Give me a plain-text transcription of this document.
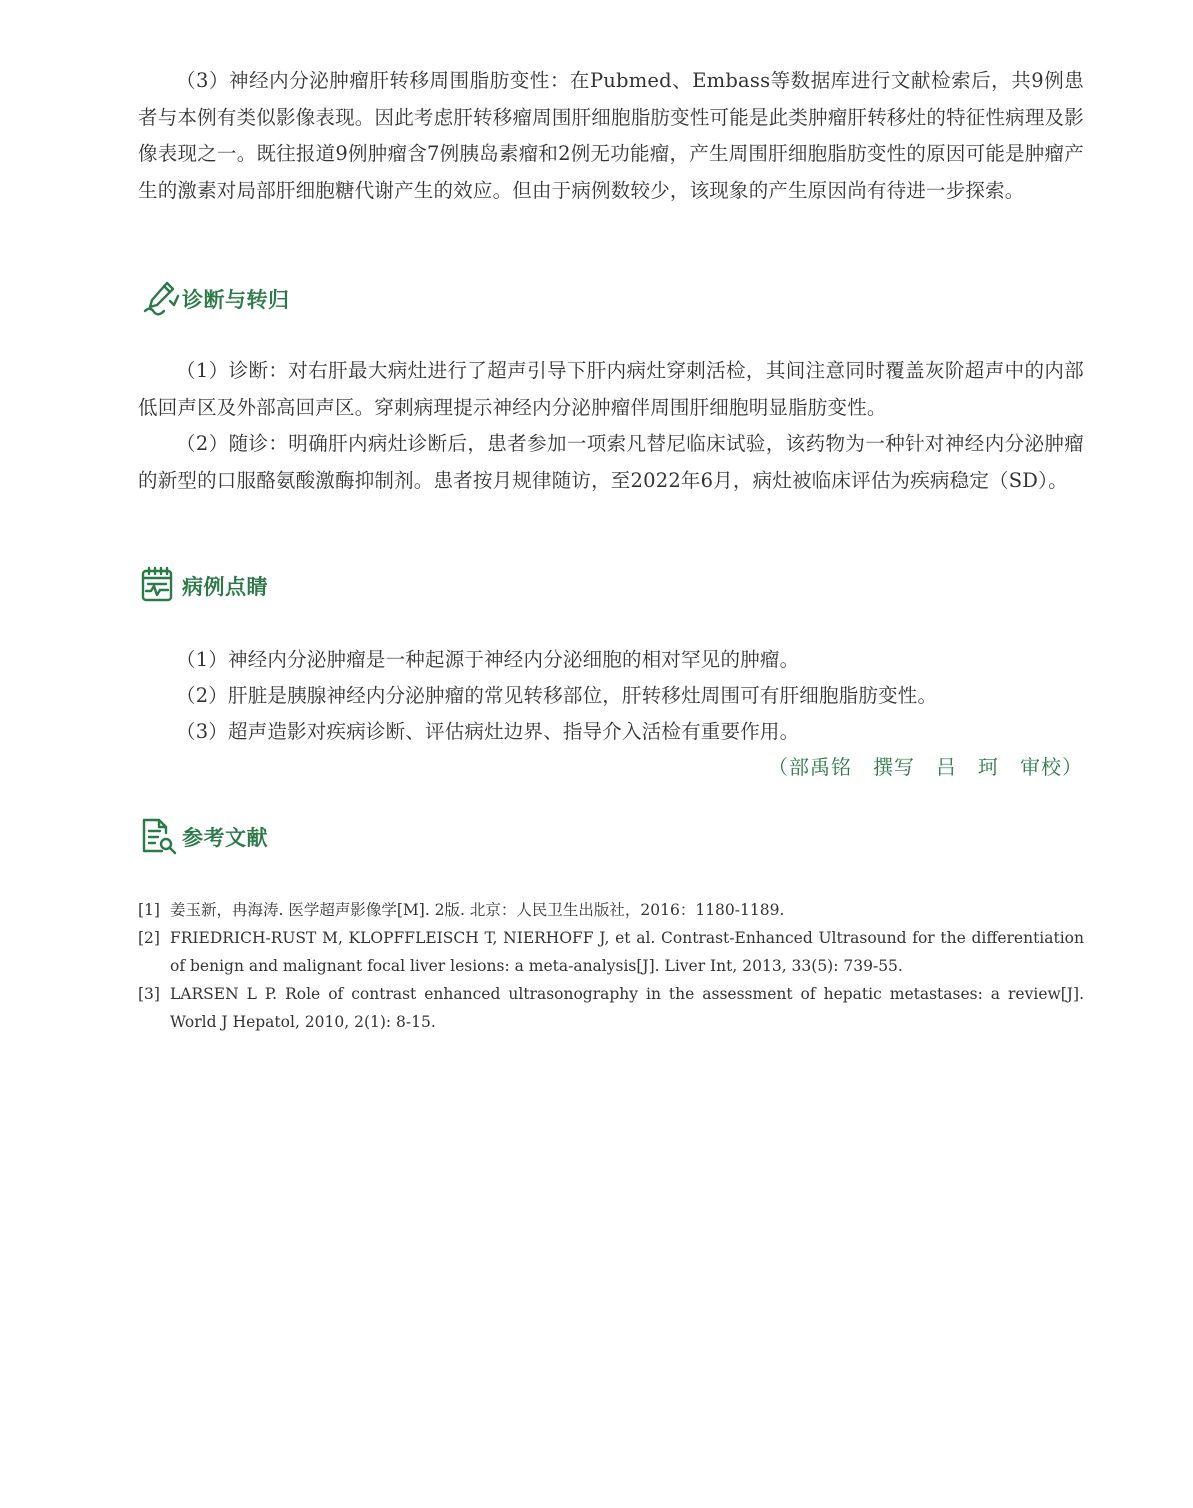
（3）神经内分泌肿瘤肝转移周围脂肪变性：在Pubmed、Embass等数据库进行文献检索后，共9例患者与本例有类似影像表现。因此考虑肝转移瘤周围肝细胞脂肪变性可能是此类肿瘤肝转移灶的特征性病理及影像表现之一。既往报道9例肿瘤含7例胰岛素瘤和2例无功能瘤，产生周围肝细胞脂肪变性的原因可能是肿瘤产生的激素对局部肝细胞糖代谢产生的效应。但由于病例数较少，该现象的产生原因尚有待进一步探索。

诊断与转归

（1）诊断：对右肝最大病灶进行了超声引导下肝内病灶穿刺活检，其间注意同时覆盖灰阶超声中的内部低回声区及外部高回声区。穿刺病理提示神经内分泌肿瘤伴周围肝细胞明显脂肪变性。

（2）随诊：明确肝内病灶诊断后，患者参加一项索凡替尼临床试验，该药物为一种针对神经内分泌肿瘤的新型的口服酪氨酸激酶抑制剂。患者按月规律随访，至2022年6月，病灶被临床评估为疾病稳定（SD）。

病例点睛

（1）神经内分泌肿瘤是一种起源于神经内分泌细胞的相对罕见的肿瘤。

（2）肝脏是胰腺神经内分泌肿瘤的常见转移部位，肝转移灶周围可有肝细胞脂肪变性。

（3）超声造影对疾病诊断、评估病灶边界、指导介入活检有重要作用。

（部禹铭　撰写　吕　珂　审校）
参考文献
[1] 姜玉新，冉海涛. 医学超声影像学[M]. 2版. 北京：人民卫生出版社，2016：1180-1189.
[2] FRIEDRICH-RUST M, KLOPFFLEISCH T, NIERHOFF J, et al. Contrast-Enhanced Ultrasound for the differentiation of benign and malignant focal liver lesions: a meta-analysis[J]. Liver Int, 2013, 33(5): 739-55.
[3] LARSEN L P. Role of contrast enhanced ultrasonography in the assessment of hepatic metastases: a review[J]. World J Hepatol, 2010, 2(1): 8-15.
